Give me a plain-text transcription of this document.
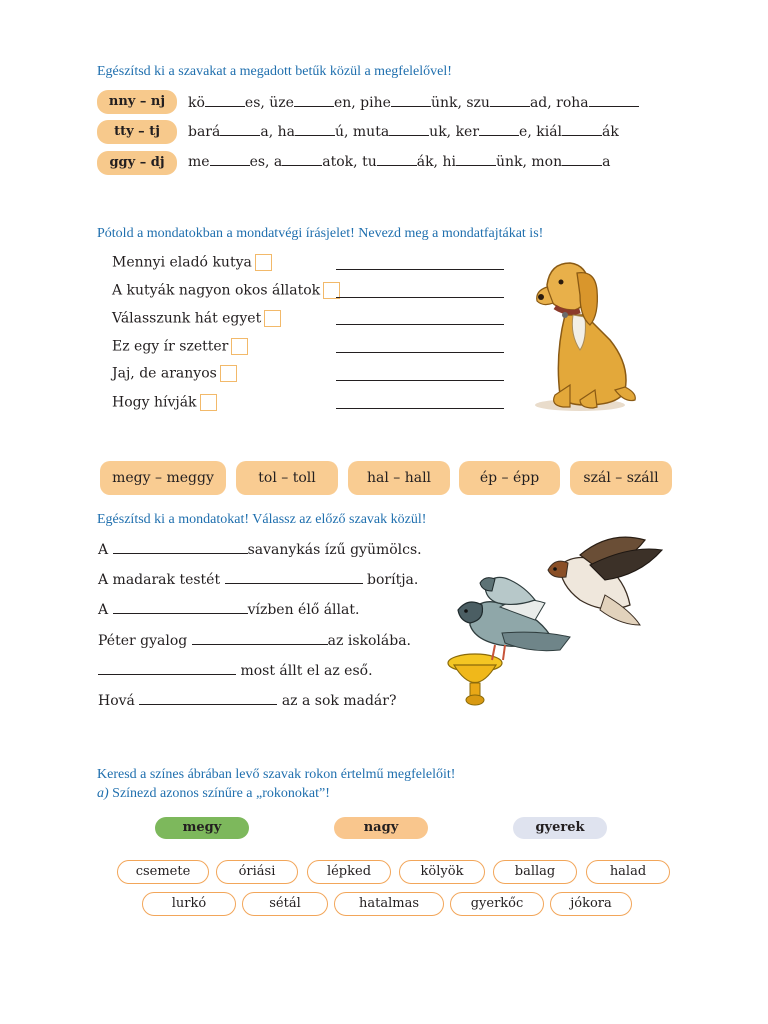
Egészítsd ki a szavakat a megadott betűk közül a megfelelővel!
nny – nj	kö	es, üze	en, pihe	ünk, szu	ad, roha
tty – tj	bará	a, ha	ú, muta	uk, ker	e, kiál	ák
ggy – dj	me	es, a	atok, tu	ák, hi	ünk, mon	a
Pótold a mondatokban a mondatvégi írásjelet! Nevezd meg a mondatfajtákat is!
Mennyi eladó kutya
A kutyák nagyon okos állatok
Válasszunk hát egyet
Ez egy ír szetter
Jaj, de aranyos
Hogy hívják
megy – meggy	tol – toll	hal – hall	ép – épp	szál – száll
Egészítsd ki a mondatokat! Válassz az előző szavak közül!
A	savanykás ízű gyümölcs.
A madarak testét	borítja.
A	vízben élő állat.
Péter gyalog	az iskolába.
most állt el az eső.
Hová	az a sok madár?
Keresd a színes ábrában levő szavak rokon értelmű megfelelőit!
a) Színezd azonos színűre a „rokonokat”!
megy	nagy	gyerek
csemete	óriási	lépked	kölyök	ballag	halad
lurkó	sétál	hatalmas	gyerkőc	jókora
